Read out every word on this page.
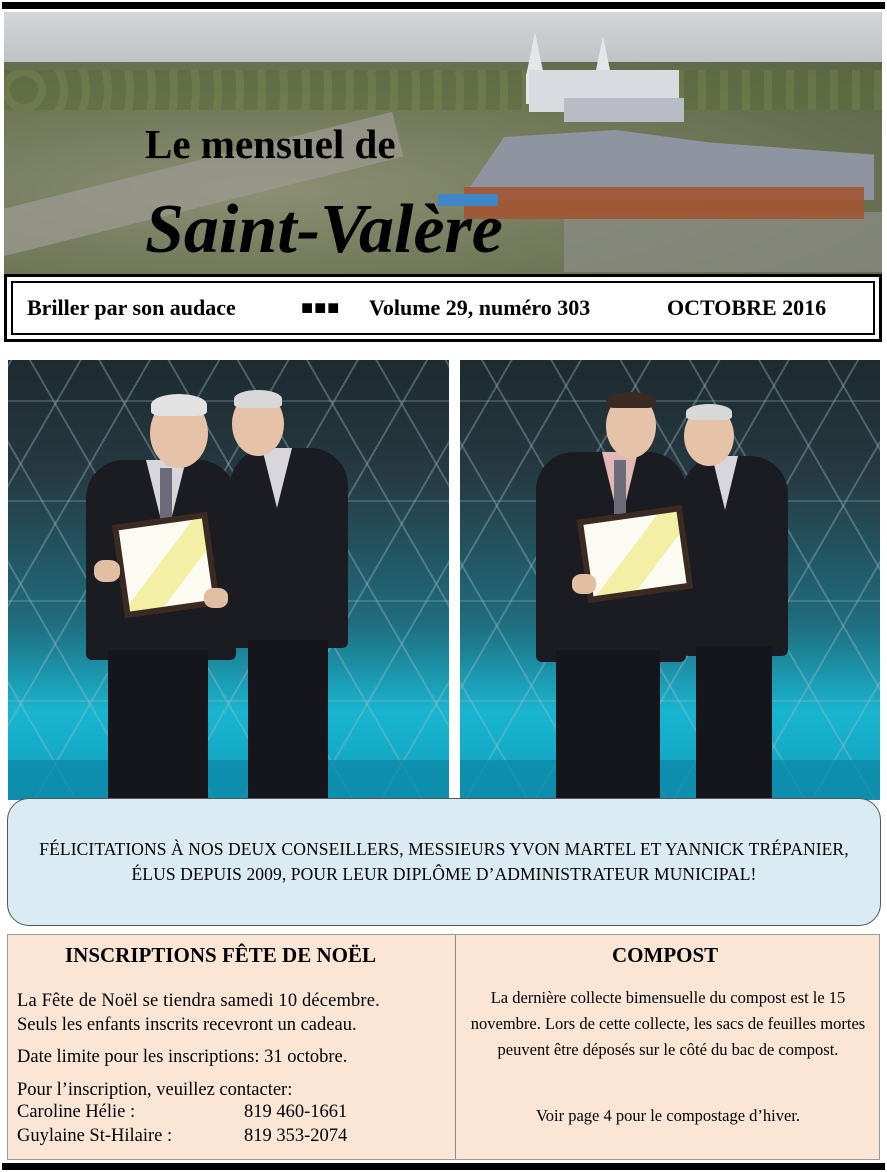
Le mensuel de
Saint-Valère
Briller par son audace	■■■ Volume 29, numéro 303	OCTOBRE 2016
FÉLICITATIONS À NOS DEUX CONSEILLERS, MESSIEURS YVON MARTEL ET YANNICK TRÉPANIER, ÉLUS DEPUIS 2009, POUR LEUR DIPLÔME D’ADMINISTRATEUR MUNICIPAL!
INSCRIPTIONS FÊTE DE NOËL
La Fête de Noël se tiendra samedi 10 décembre.
Seuls les enfants inscrits recevront un cadeau.
Date limite pour les inscriptions: 31 octobre.
Pour l’inscription, veuillez contacter:
Caroline Hélie :	819 460-1661
Guylaine St-Hilaire :	819 353-2074
COMPOST
La dernière collecte bimensuelle du compost est le 15 novembre. Lors de cette collecte, les sacs de feuilles mortes peuvent être déposés sur le côté du bac de compost.
Voir page 4 pour le compostage d’hiver.
